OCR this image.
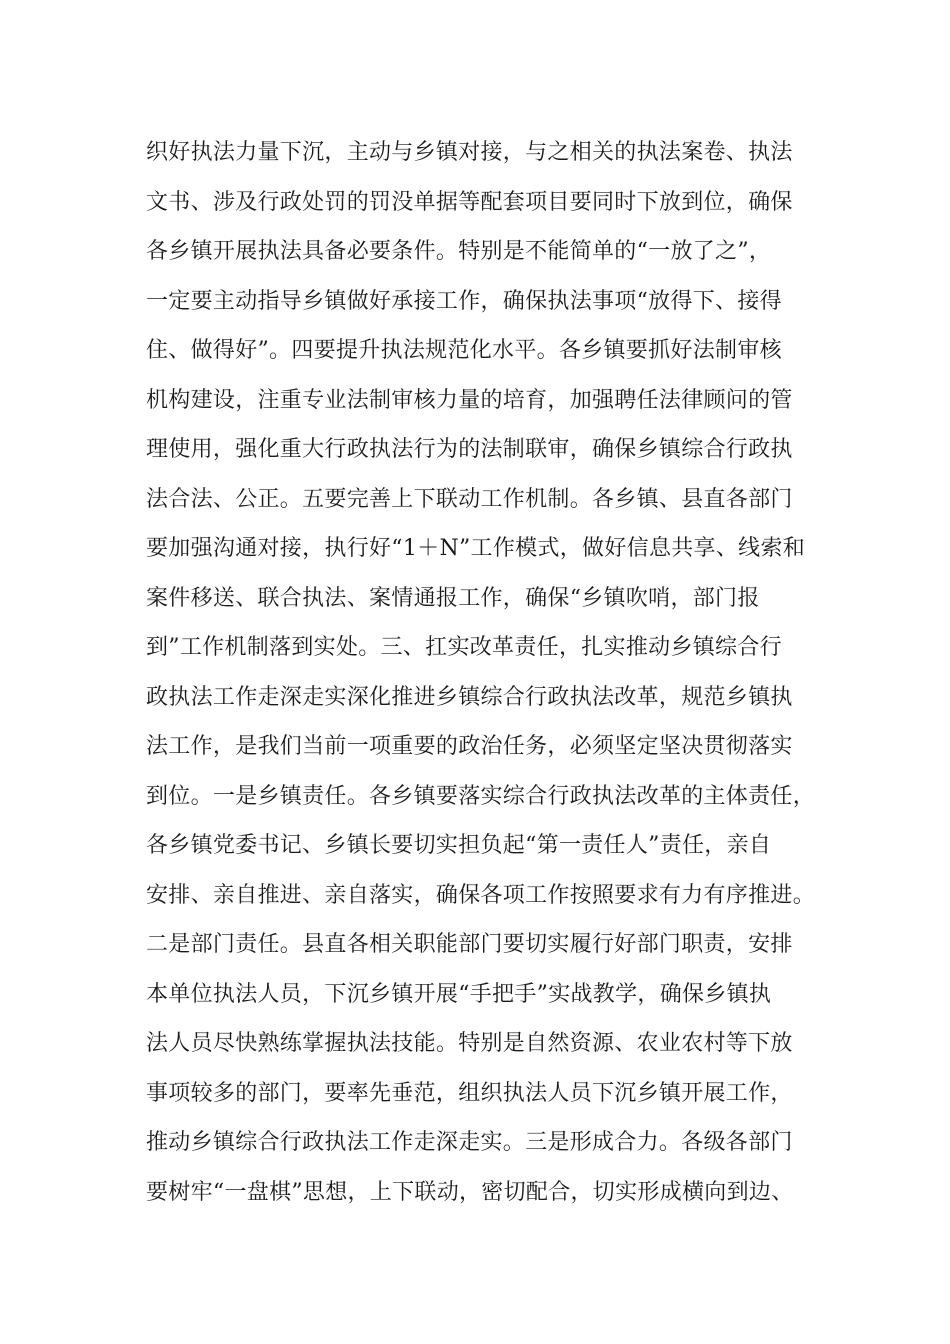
织好执法力量下沉，主动与乡镇对接，与之相关的执法案卷、执法
文书、涉及行政处罚的罚没单据等配套项目要同时下放到位，确保
各乡镇开展执法具备必要条件。特别是不能简单的“一放了之”，
一定要主动指导乡镇做好承接工作，确保执法事项“放得下、接得
住、做得好”。四要提升执法规范化水平。各乡镇要抓好法制审核
机构建设，注重专业法制审核力量的培育，加强聘任法律顾问的管
理使用，强化重大行政执法行为的法制联审，确保乡镇综合行政执
法合法、公正。五要完善上下联动工作机制。各乡镇、县直各部门
要加强沟通对接，执行好“1＋N”工作模式，做好信息共享、线索和
案件移送、联合执法、案情通报工作，确保“乡镇吹哨，部门报
到”工作机制落到实处。三、扛实改革责任，扎实推动乡镇综合行
政执法工作走深走实深化推进乡镇综合行政执法改革，规范乡镇执
法工作，是我们当前一项重要的政治任务，必须坚定坚决贯彻落实
到位。一是乡镇责任。各乡镇要落实综合行政执法改革的主体责任，
各乡镇党委书记、乡镇长要切实担负起“第一责任人”责任，亲自
安排、亲自推进、亲自落实，确保各项工作按照要求有力有序推进。
二是部门责任。县直各相关职能部门要切实履行好部门职责，安排
本单位执法人员，下沉乡镇开展“手把手”实战教学，确保乡镇执
法人员尽快熟练掌握执法技能。特别是自然资源、农业农村等下放
事项较多的部门，要率先垂范，组织执法人员下沉乡镇开展工作，
推动乡镇综合行政执法工作走深走实。三是形成合力。各级各部门
要树牢“一盘棋”思想，上下联动，密切配合，切实形成横向到边、
